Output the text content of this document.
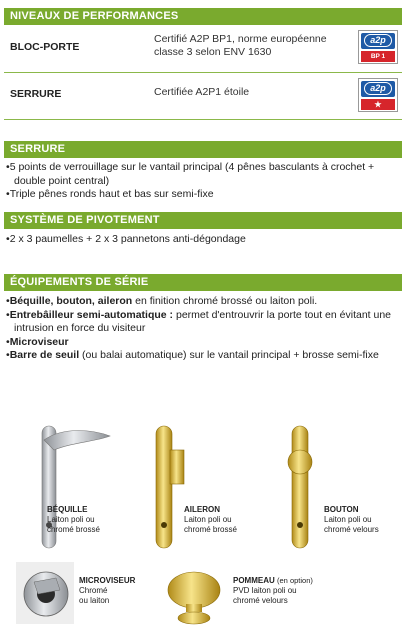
NIVEAUX DE PERFORMANCES
BLOC-PORTE
Certifié A2P BP1, norme européenne classe 3 selon ENV 1630
a2p
BP 1
SERRURE	Certifiée A2P1 étoile	a2p
★
SERRURE
• 5 points de verrouillage sur le vantail principal (4 pênes basculants à crochet + double point central)
• Triple pênes ronds haut et bas sur semi-fixe
SYSTÈME DE PIVOTEMENT
• 2 x 3 paumelles + 2 x 3 pannetons anti-dégondage
ÉQUIPEMENTS DE SÉRIE
• Béquille, bouton, aileron en finition chromé brossé ou laiton poli.
• Entrebâilleur semi-automatique : permet d'entrouvrir la porte tout en évitant une intrusion en force du visiteur
• Microviseur
• Barre de seuil (ou balai automatique) sur le vantail principal + brosse semi-fixe
BÉQUILLE
Laiton poli ou
chromé brossé
AILERON
Laiton poli ou
chromé brossé
BOUTON
Laiton poli ou
chromé velours
MICROVISEUR
Chromé
ou laiton
POMMEAU (en option)
PVD laiton poli ou
chromé velours
